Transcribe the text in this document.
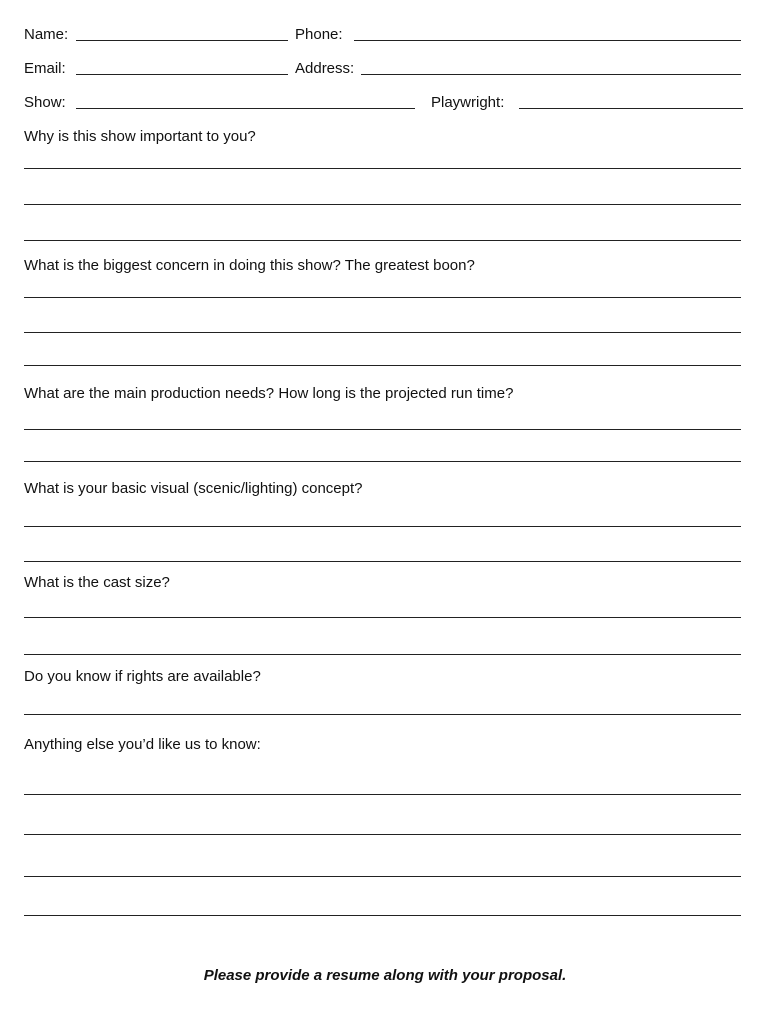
Name:	Phone:
Email:	Address:
Show:	Playwright:
Why is this show important to you?
What is the biggest concern in doing this show? The greatest boon?
What are the main production needs? How long is the projected run time?
What is your basic visual (scenic/lighting) concept?
What is the cast size?
Do you know if rights are available?
Anything else you’d like us to know:
Please provide a resume along with your proposal.
